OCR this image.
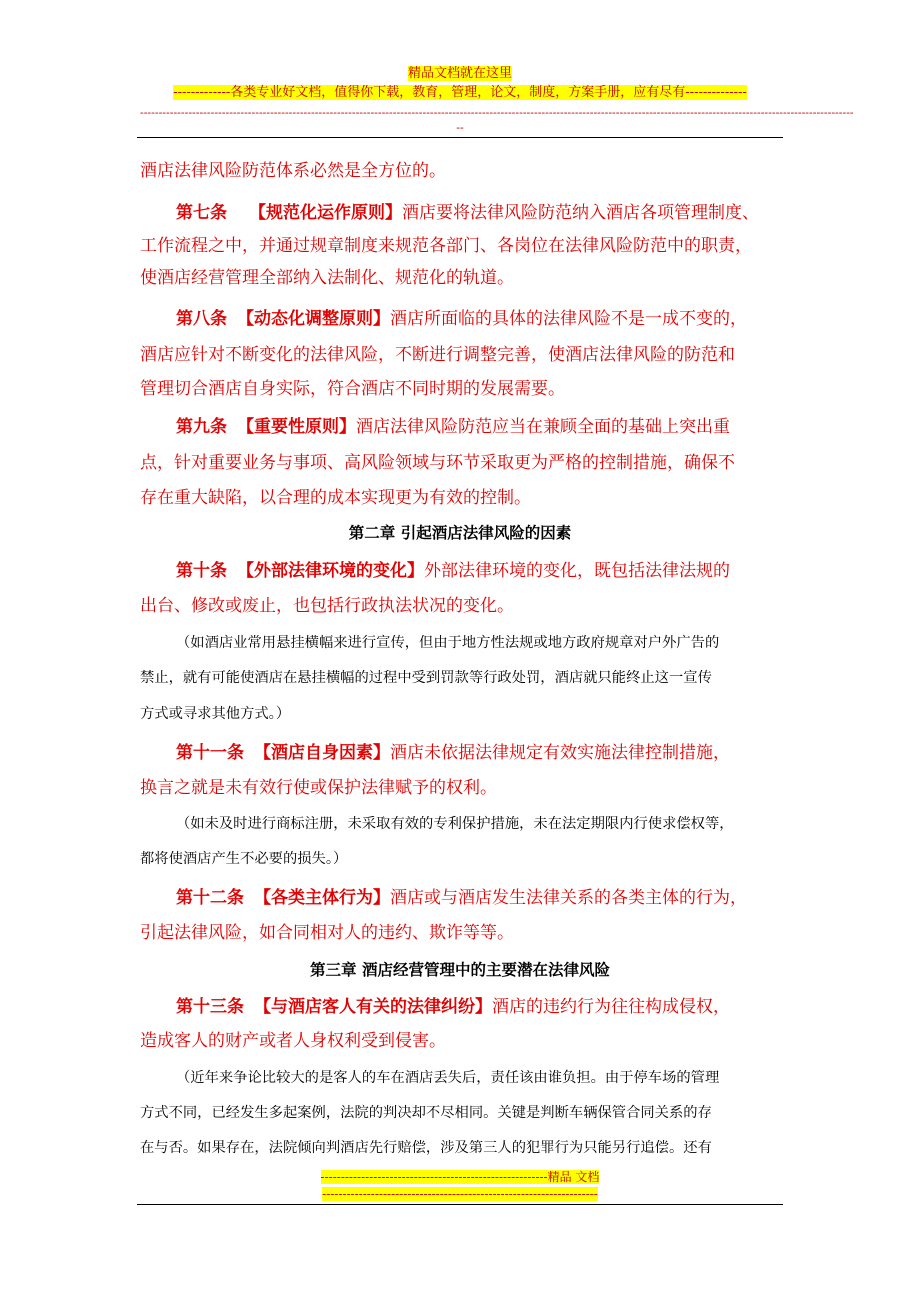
精品文档就在这里
-------------各类专业好文档，值得你下载，教育，管理，论文，制度，方案手册，应有尽有--------------
------------------------------------------------------------------------------------------------------------------------------------------------------------------------------------------------
--

酒店法律风险防范体系必然是全方位的。

第七条 【规范化运作原则】酒店要将法律风险防范纳入酒店各项管理制度、

工作流程之中，并通过规章制度来规范各部门、各岗位在法律风险防范中的职责，

使酒店经营管理全部纳入法制化、规范化的轨道。

第八条 【动态化调整原则】酒店所面临的具体的法律风险不是一成不变的，

酒店应针对不断变化的法律风险，不断进行调整完善，使酒店法律风险的防范和

管理切合酒店自身实际，符合酒店不同时期的发展需要。

第九条 【重要性原则】酒店法律风险防范应当在兼顾全面的基础上突出重

点，针对重要业务与事项、高风险领域与环节采取更为严格的控制措施，确保不

存在重大缺陷，以合理的成本实现更为有效的控制。

第二章 引起酒店法律风险的因素

第十条 【外部法律环境的变化】外部法律环境的变化，既包括法律法规的

出台、修改或废止，也包括行政执法状况的变化。

（如酒店业常用悬挂横幅来进行宣传，但由于地方性法规或地方政府规章对户外广告的

禁止，就有可能使酒店在悬挂横幅的过程中受到罚款等行政处罚，酒店就只能终止这一宣传

方式或寻求其他方式。）

第十一条 【酒店自身因素】酒店未依据法律规定有效实施法律控制措施，

换言之就是未有效行使或保护法律赋予的权利。

（如未及时进行商标注册，未采取有效的专利保护措施，未在法定期限内行使求偿权等，

都将使酒店产生不必要的损失。）

第十二条 【各类主体行为】酒店或与酒店发生法律关系的各类主体的行为，

引起法律风险，如合同相对人的违约、欺诈等等。

第三章 酒店经营管理中的主要潜在法律风险

第十三条 【与酒店客人有关的法律纠纷】酒店的违约行为往往构成侵权，

造成客人的财产或者人身权利受到侵害。

（近年来争论比较大的是客人的车在酒店丢失后，责任该由谁负担。由于停车场的管理

方式不同，已经发生多起案例，法院的判决却不尽相同。关键是判断车辆保管合同关系的存

在与否。如果存在，法院倾向判酒店先行赔偿，涉及第三人的犯罪行为只能另行追偿。还有

--------------------------------------------------------精品 文档
--------------------------------------------------------------------
